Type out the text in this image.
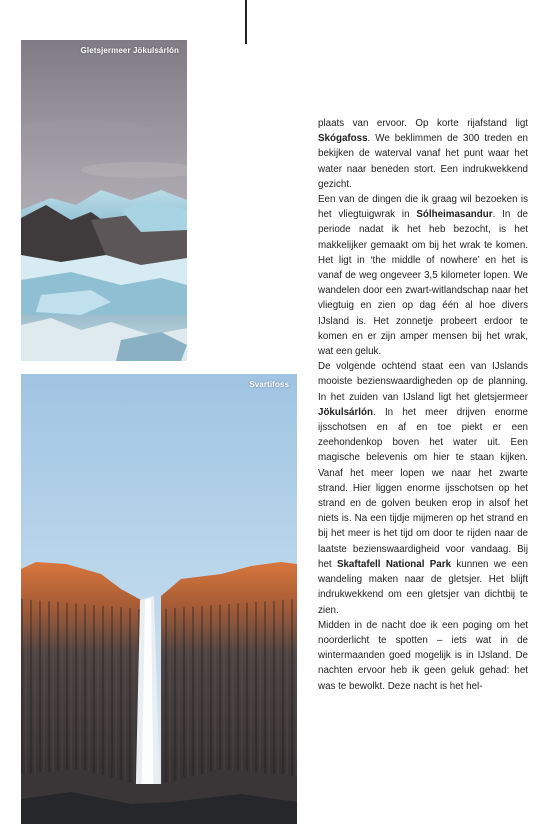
Gletsjermeer Jökulsárlón
Svartifoss

plaats van ervoor. Op korte rijafstand ligt Skógafoss. We beklimmen de 300 treden en bekijken de waterval vanaf het punt waar het water naar beneden stort. Een indrukwekkend gezicht.

Een van de dingen die ik graag wil bezoeken is het vliegtuigwrak in Sólheimasandur. In de periode nadat ik het heb bezocht, is het makkelijker gemaakt om bij het wrak te komen. Het ligt in ‘the middle of nowhere’ en het is vanaf de weg ongeveer 3,5 kilometer lopen. We wandelen door een zwart-witlandschap naar het vliegtuig en zien op dag één al hoe divers IJsland is. Het zonnetje probeert erdoor te komen en er zijn amper mensen bij het wrak, wat een geluk.

De volgende ochtend staat een van IJslands mooiste bezienswaardigheden op de planning. In het zuiden van IJsland ligt het gletsjermeer Jökulsárlón. In het meer drijven enorme ijsschotsen en af en toe piekt er een zeehondenkop boven het water uit. Een magische belevenis om hier te staan kijken. Vanaf het meer lopen we naar het zwarte strand. Hier liggen enorme ijsschotsen op het strand en de golven beuken erop in alsof het niets is. Na een tijdje mijmeren op het strand en bij het meer is het tijd om door te rijden naar de laatste bezienswaardigheid voor vandaag. Bij het Skaftafell National Park kunnen we een wandeling maken naar de gletsjer. Het blijft indrukwekkend om een gletsjer van dichtbij te zien.

Midden in de nacht doe ik een poging om het noorderlicht te spotten – iets wat in de wintermaanden goed mogelijk is in IJsland. De nachten ervoor heb ik geen geluk gehad: het was te bewolkt. Deze nacht is het hel-
